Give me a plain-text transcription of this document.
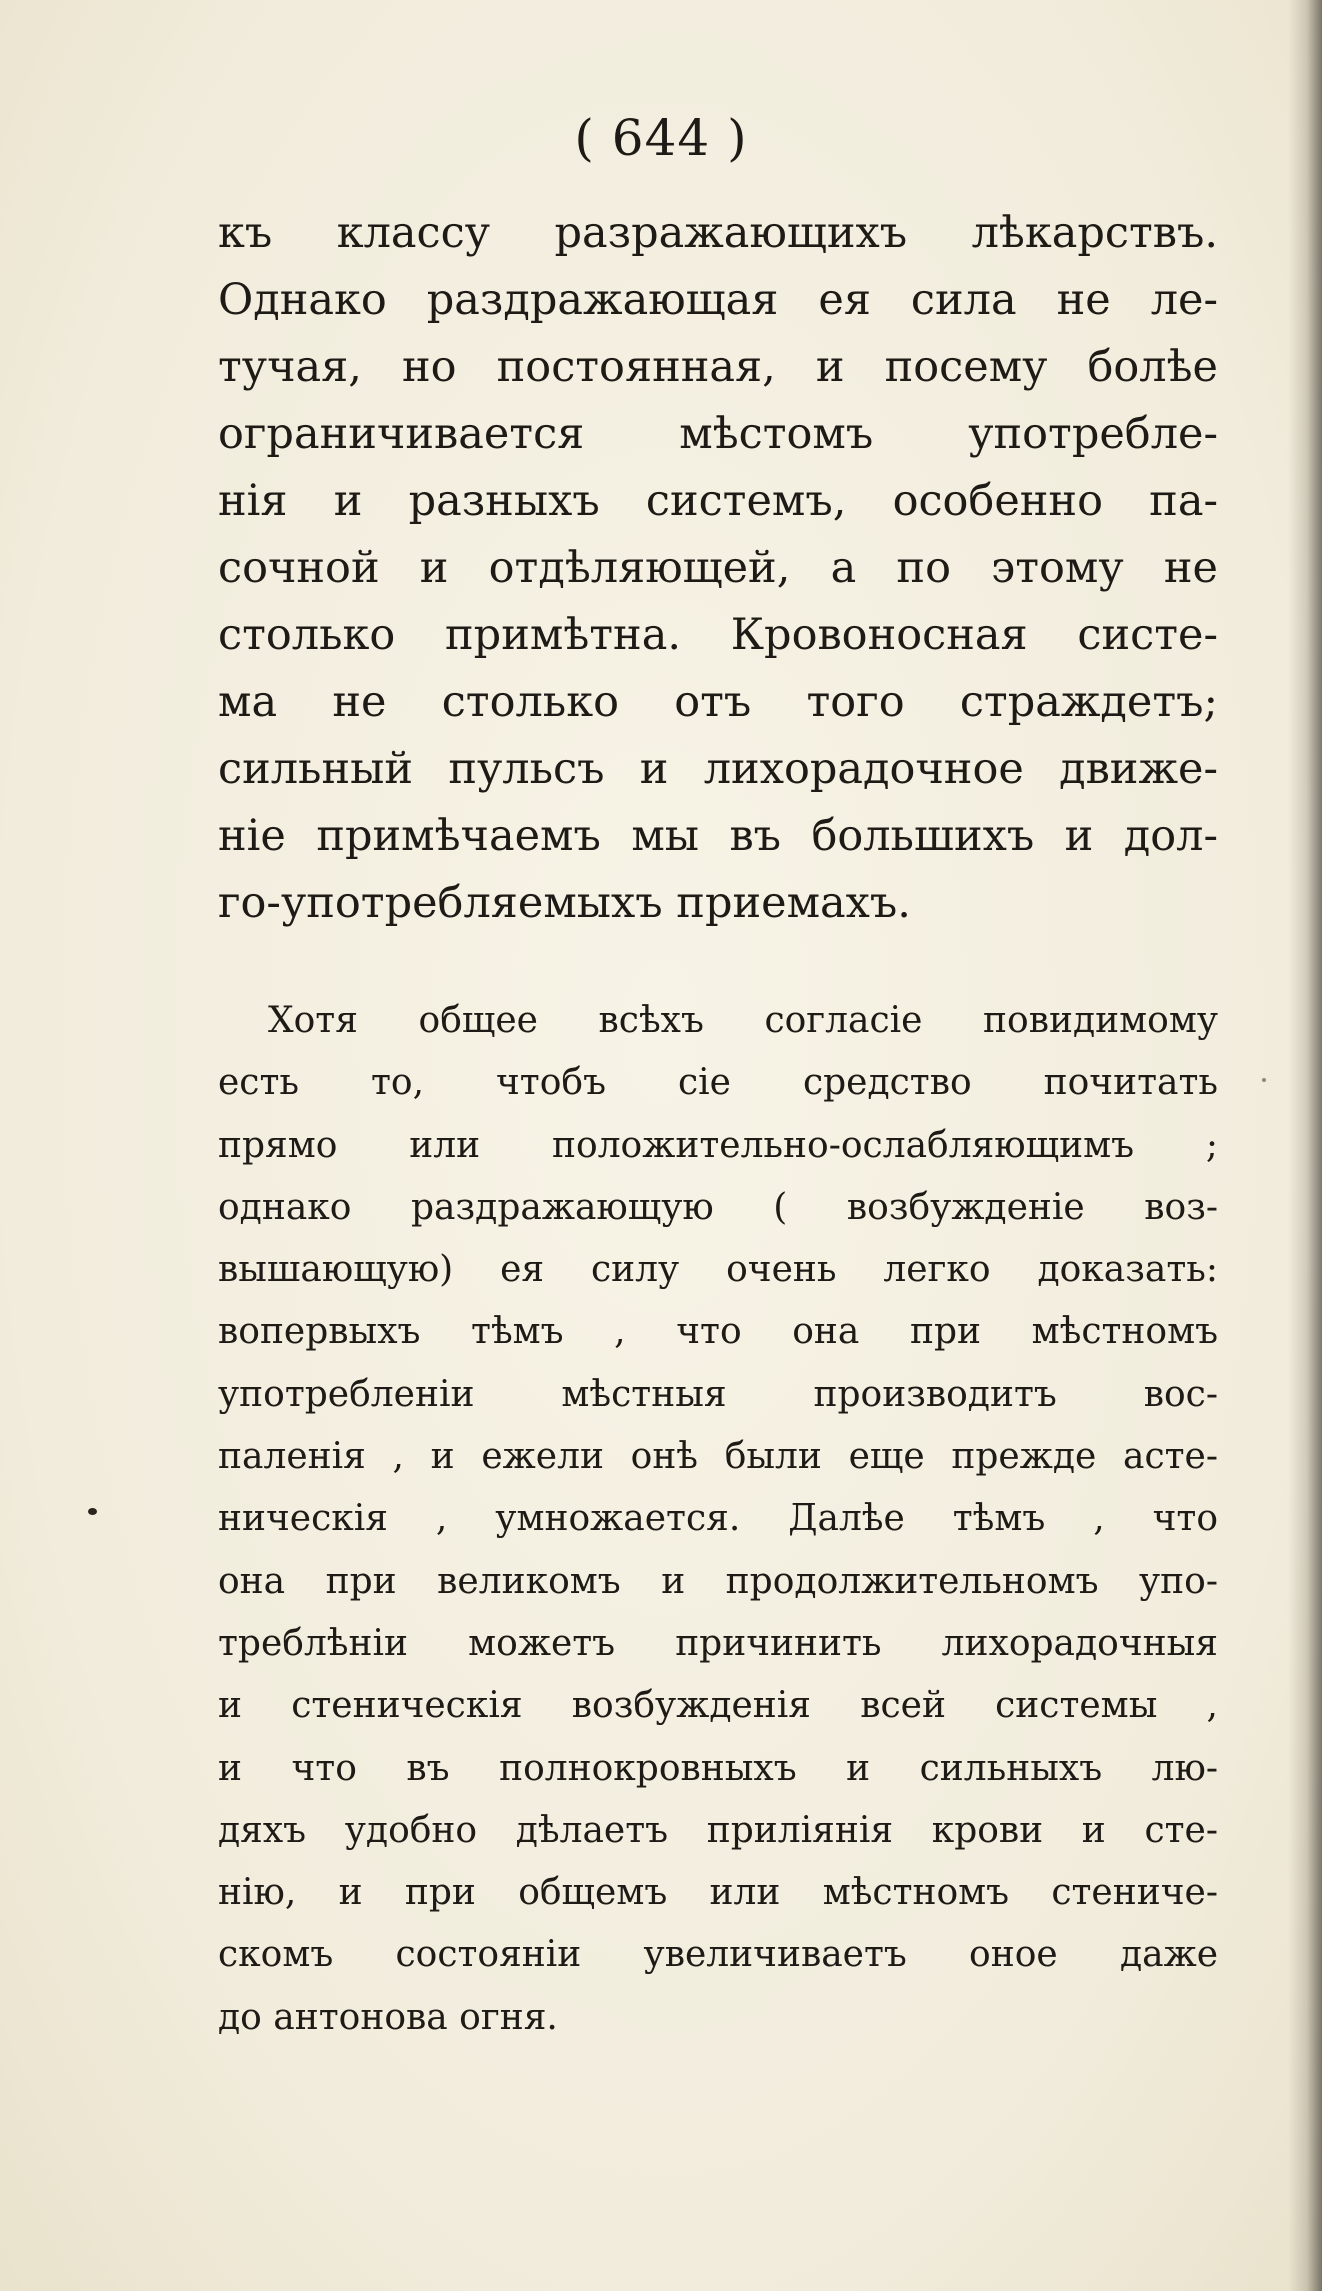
( 644 )
къ классу разражающихъ лѣкарствъ.
Однако раздражающая ея сила не ле-
тучая, но постоянная, и посему болѣе
ограничивается мѣстомъ употребле-
нія и разныхъ системъ, особенно па-
сочной и отдѣляющей, а по этому не
столько примѣтна. Кровоносная систе-
ма не столько отъ того страждетъ;
сильный пульсъ и лихорадочное движе-
ніе примѣчаемъ мы въ большихъ и дол-
го-употребляемыхъ приемахъ.
Хотя общее всѣхъ согласіе повидимому
есть то, чтобъ сіе средство почитать
прямо или положительно-ослабляющимъ ;
однако раздражающую ( возбужденіе воз-
вышающую) ея силу очень легко доказать:
вопервыхъ тѣмъ , что она при мѣстномъ
употребленіи мѣстныя производитъ вос-
паленія , и ежели онѣ были еще прежде асте-
ническія , умножается. Далѣе тѣмъ , что
она при великомъ и продолжительномъ упо-
треблѣніи можетъ причинить лихорадочныя
и стеническія возбужденія всей системы ,
и что въ полнокровныхъ и сильныхъ лю-
дяхъ удобно дѣлаетъ приліянія крови и сте-
нію, и при общемъ или мѣстномъ стениче-
скомъ состояніи увеличиваетъ оное даже
до антонова огня.
